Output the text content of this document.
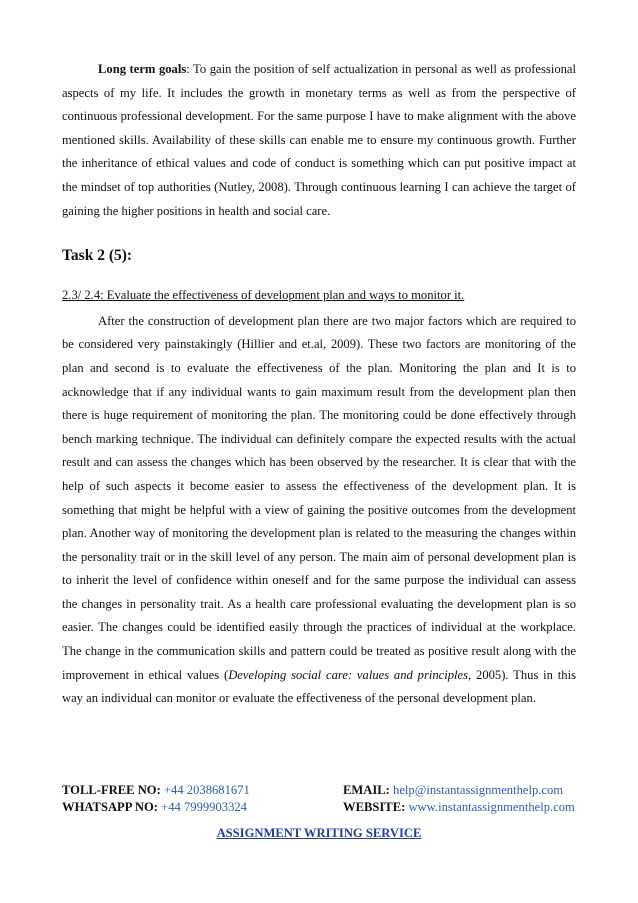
Long term goals: To gain the position of self actualization in personal as well as professional aspects of my life. It includes the growth in monetary terms as well as from the perspective of continuous professional development. For the same purpose I have to make alignment with the above mentioned skills. Availability of these skills can enable me to ensure my continuous growth. Further the inheritance of ethical values and code of conduct is something which can put positive impact at the mindset of top authorities (Nutley, 2008). Through continuous learning I can achieve the target of gaining the higher positions in health and social care.

Task 2 (5):
2.3/ 2.4: Evaluate the effectiveness of development plan and ways to monitor it.

After the construction of development plan there are two major factors which are required to be considered very painstakingly (Hillier and et.al, 2009). These two factors are monitoring of the plan and second is to evaluate the effectiveness of the plan. Monitoring the plan and It is to acknowledge that if any individual wants to gain maximum result from the development plan then there is huge requirement of monitoring the plan. The monitoring could be done effectively through bench marking technique. The individual can definitely compare the expected results with the actual result and can assess the changes which has been observed by the researcher. It is clear that with the help of such aspects it become easier to assess the effectiveness of the development plan. It is something that might be helpful with a view of gaining the positive outcomes from the development plan. Another way of monitoring the development plan is related to the measuring the changes within the personality trait or in the skill level of any person. The main aim of personal development plan is to inherit the level of confidence within oneself and for the same purpose the individual can assess the changes in personality trait. As a health care professional evaluating the development plan is so easier. The changes could be identified easily through the practices of individual at the workplace. The change in the communication skills and pattern could be treated as positive result along with the improvement in ethical values (Developing social care: values and principles, 2005). Thus in this way an individual can monitor or evaluate the effectiveness of the personal development plan.

TOLL-FREE NO: +44 2038681671	EMAIL: help@instantassignmenthelp.com
WHATSAPP NO: +44 7999903324	WEBSITE: www.instantassignmenthelp.com
ASSIGNMENT WRITING SERVICE
